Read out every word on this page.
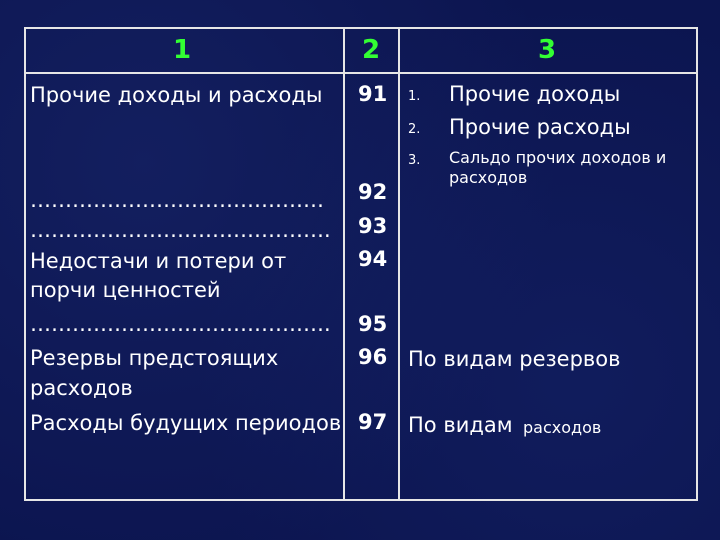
1	2	3
Прочие доходы и расходы 91 1. Прочие доходы
2. Прочие расходы
3. Сальдо прочих доходов и
расходов
…………………………………… 92
……………………………………. 93
Недостачи и потери от
порчи ценностей
94
……………………………………. 95
Резервы предстоящих
расходов
96 По видам резервов
Расходы будущих периодов 97 По видам расходов
